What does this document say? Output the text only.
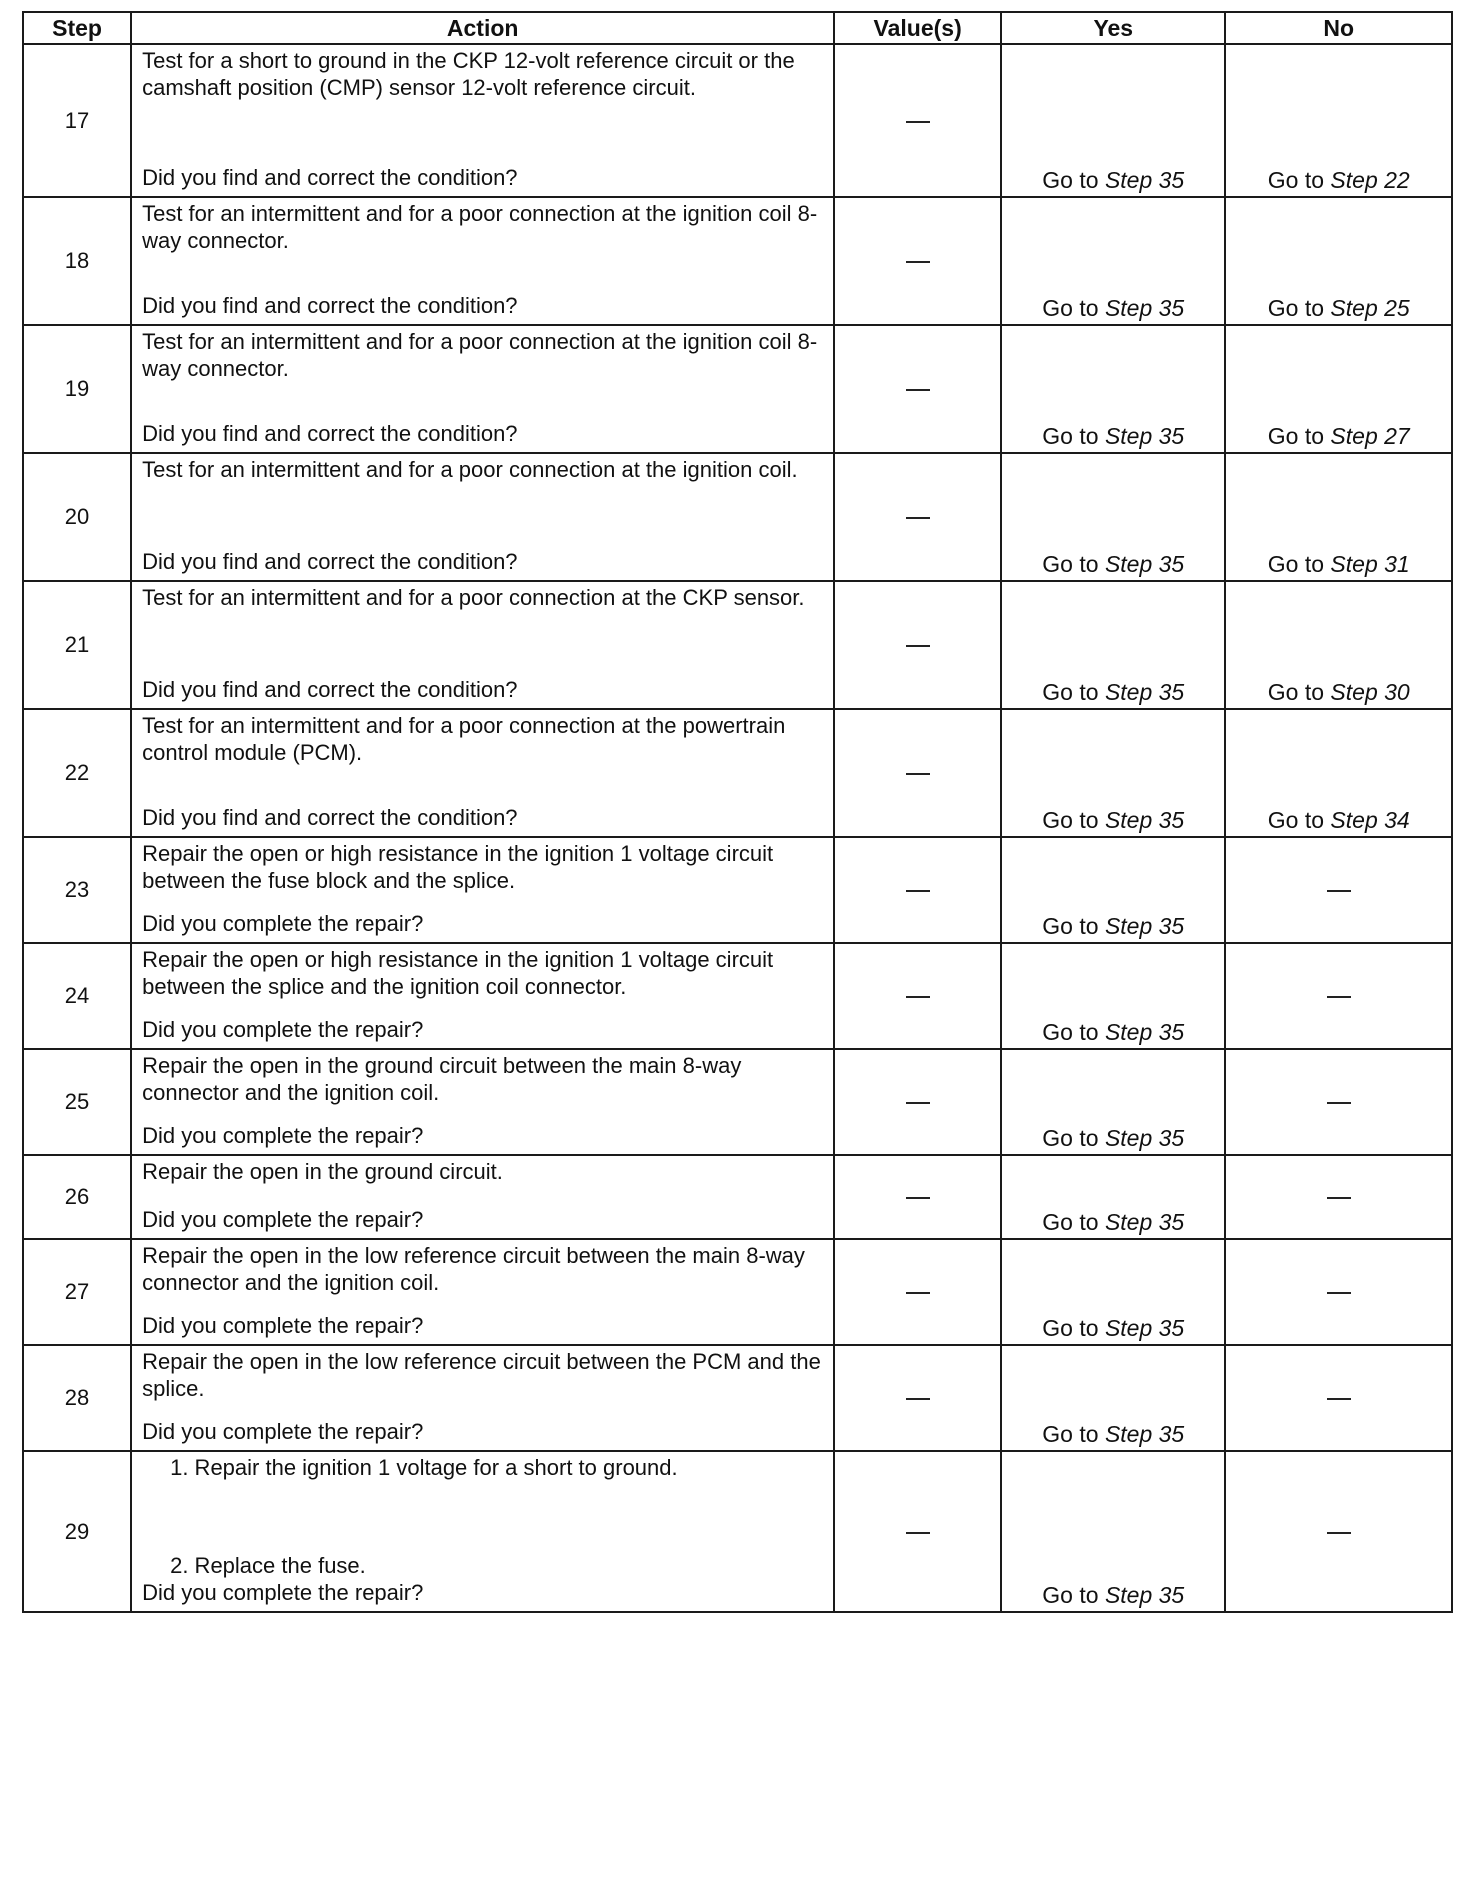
Step	Action	Value(s)	Yes	No
17	Test for a short to ground in the CKP 12-volt reference circuit or the camshaft position (CMP) sensor 12-volt reference circuit.
Did you find and correct the condition?		Go to Step 35	Go to Step 22
18	Test for an intermittent and for a poor connection at the ignition coil 8-way connector.
Did you find and correct the condition?		Go to Step 35	Go to Step 25
19	Test for an intermittent and for a poor connection at the ignition coil 8-way connector.
Did you find and correct the condition?		Go to Step 35	Go to Step 27
20	Test for an intermittent and for a poor connection at the ignition coil.
Did you find and correct the condition?		Go to Step 35	Go to Step 31
21	Test for an intermittent and for a poor connection at the CKP sensor.
Did you find and correct the condition?		Go to Step 35	Go to Step 30
22	Test for an intermittent and for a poor connection at the powertrain control module (PCM).
Did you find and correct the condition?		Go to Step 35	Go to Step 34
23	Repair the open or high resistance in the ignition 1 voltage circuit between the fuse block and the splice.
Did you complete the repair?		Go to Step 35	
24	Repair the open or high resistance in the ignition 1 voltage circuit between the splice and the ignition coil connector.
Did you complete the repair?		Go to Step 35	
25	Repair the open in the ground circuit between the main 8-way connector and the ignition coil.
Did you complete the repair?		Go to Step 35	
26	Repair the open in the ground circuit.
Did you complete the repair?		Go to Step 35	
27	Repair the open in the low reference circuit between the main 8-way connector and the ignition coil.
Did you complete the repair?		Go to Step 35	
28	Repair the open in the low reference circuit between the PCM and the splice.
Did you complete the repair?		Go to Step 35	
29	1. Repair the ignition 1 voltage for a short to ground.
2. Replace the fuse.
Did you complete the repair?		Go to Step 35	
